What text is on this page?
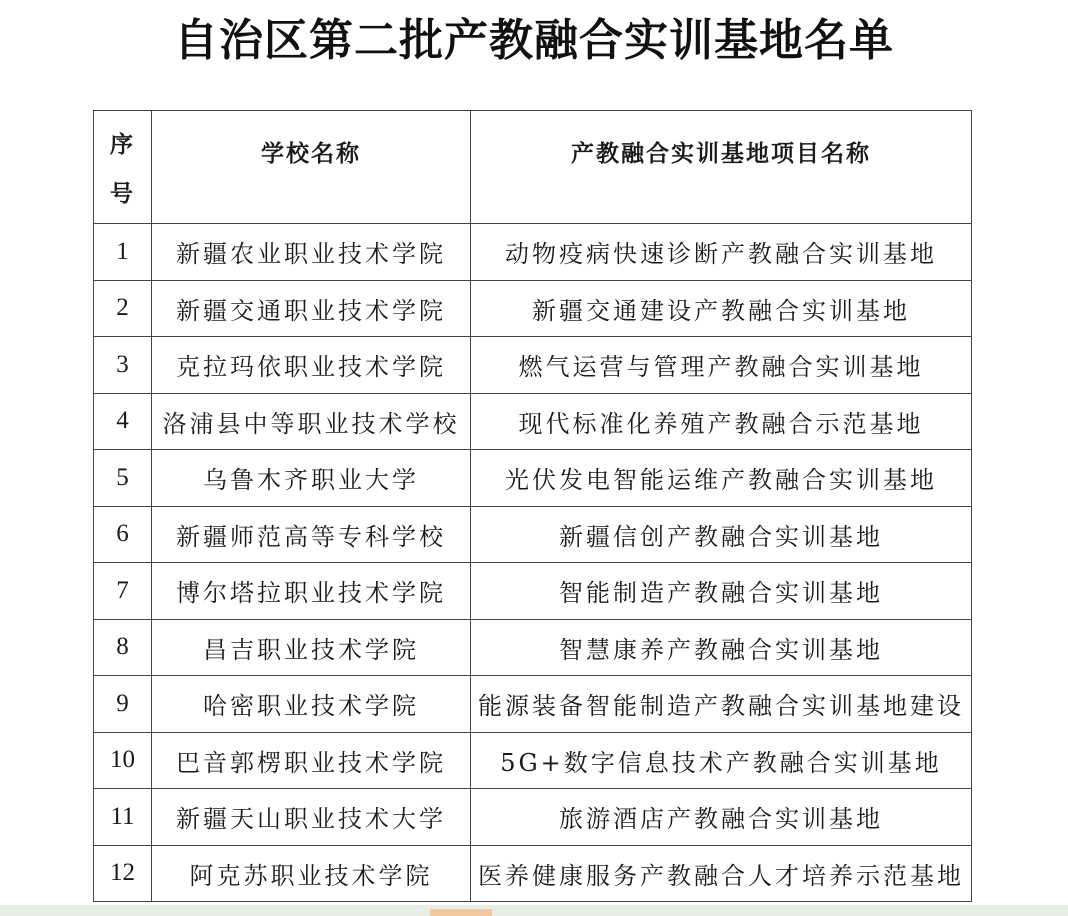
自治区第二批产教融合实训基地名单
序
号	学校名称	产教融合实训基地项目名称

1	新疆农业职业技术学院	动物疫病快速诊断产教融合实训基地
2	新疆交通职业技术学院	新疆交通建设产教融合实训基地
3	克拉玛依职业技术学院	燃气运营与管理产教融合实训基地
4	洛浦县中等职业技术学校	现代标准化养殖产教融合示范基地
5	乌鲁木齐职业大学	光伏发电智能运维产教融合实训基地
6	新疆师范高等专科学校	新疆信创产教融合实训基地
7	博尔塔拉职业技术学院	智能制造产教融合实训基地
8	昌吉职业技术学院	智慧康养产教融合实训基地
9	哈密职业技术学院	能源装备智能制造产教融合实训基地建设
10	巴音郭楞职业技术学院	5G+数字信息技术产教融合实训基地
11	新疆天山职业技术大学	旅游酒店产教融合实训基地
12	阿克苏职业技术学院	医养健康服务产教融合人才培养示范基地
